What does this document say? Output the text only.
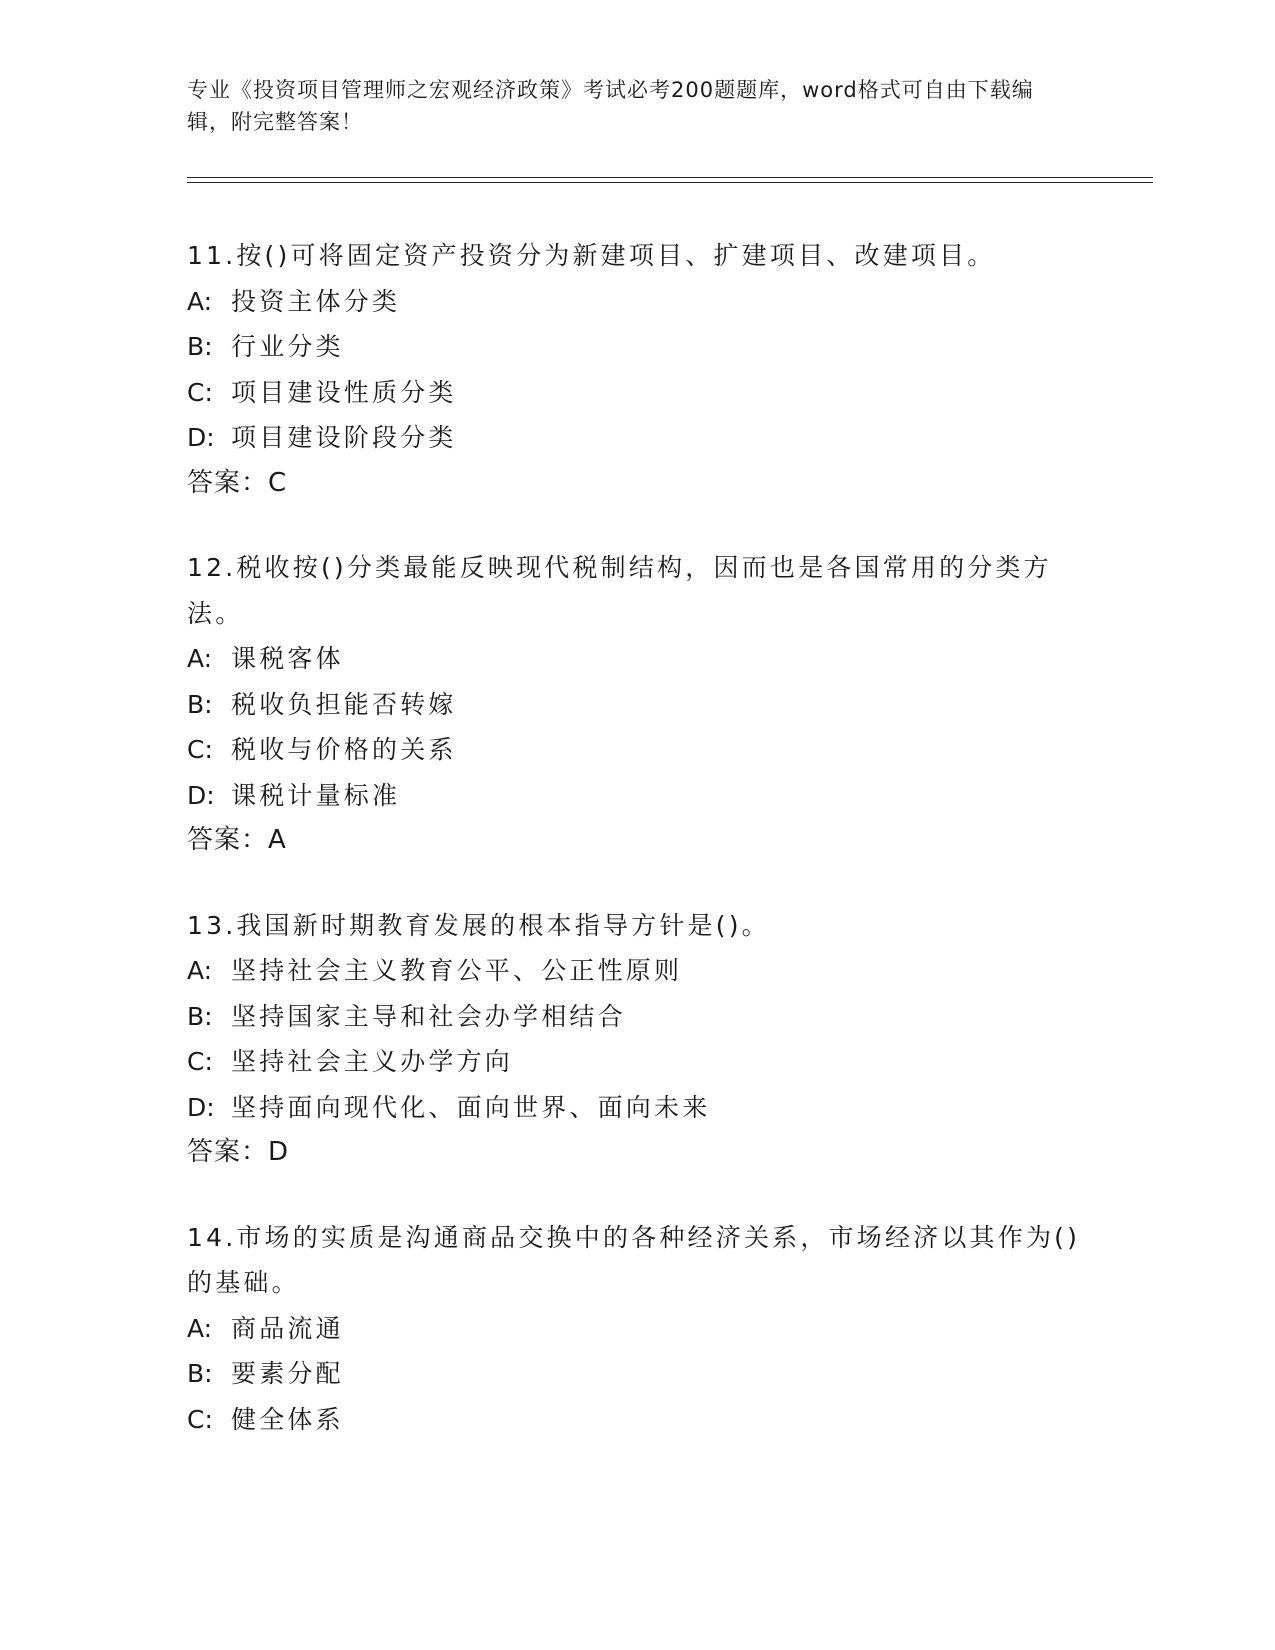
专业《投资项目管理师之宏观经济政策》考试必考200题题库，word格式可自由下载编辑，附完整答案！
11.按()可将固定资产投资分为新建项目、扩建项目、改建项目。
A: 投资主体分类
B: 行业分类
C: 项目建设性质分类
D: 项目建设阶段分类
答案：C
12.税收按()分类最能反映现代税制结构，因而也是各国常用的分类方法。
A: 课税客体
B: 税收负担能否转嫁
C: 税收与价格的关系
D: 课税计量标准
答案：A
13.我国新时期教育发展的根本指导方针是()。
A: 坚持社会主义教育公平、公正性原则
B: 坚持国家主导和社会办学相结合
C: 坚持社会主义办学方向
D: 坚持面向现代化、面向世界、面向未来
答案：D
14.市场的实质是沟通商品交换中的各种经济关系，市场经济以其作为()的基础。
A: 商品流通
B: 要素分配
C: 健全体系
